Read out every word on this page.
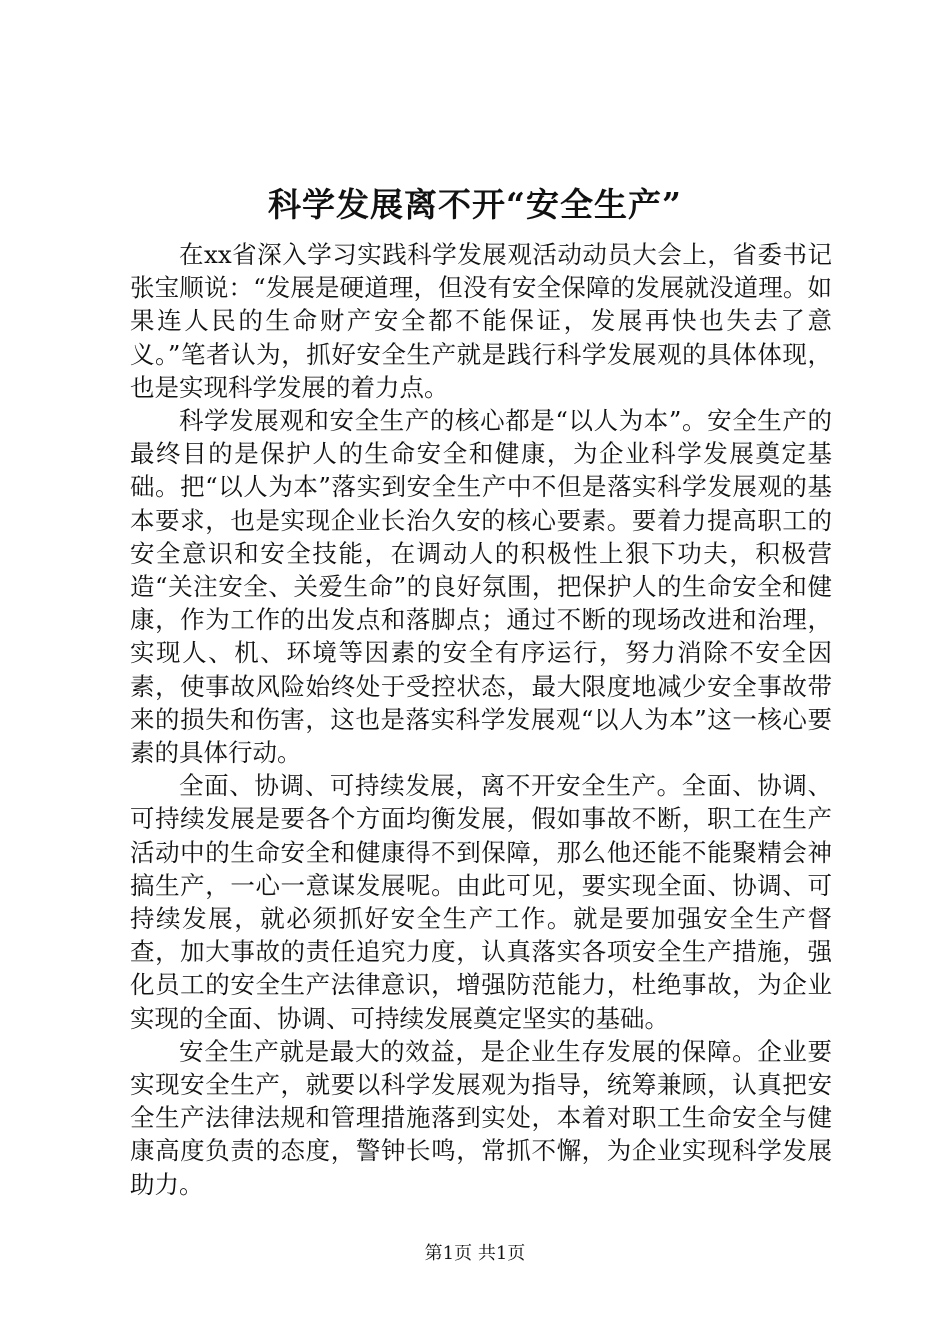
科学发展离不开“安全生产”

在xx省深入学习实践科学发展观活动动员大会上，省委书记张宝顺说：“发展是硬道理，但没有安全保障的发展就没道理。如果连人民的生命财产安全都不能保证，发展再快也失去了意义。”笔者认为，抓好安全生产就是践行科学发展观的具体体现，也是实现科学发展的着力点。

科学发展观和安全生产的核心都是“以人为本”。安全生产的最终目的是保护人的生命安全和健康，为企业科学发展奠定基础。把“以人为本”落实到安全生产中不但是落实科学发展观的基本要求，也是实现企业长治久安的核心要素。要着力提高职工的安全意识和安全技能，在调动人的积极性上狠下功夫，积极营造“关注安全、关爱生命”的良好氛围，把保护人的生命安全和健康，作为工作的出发点和落脚点；通过不断的现场改进和治理，实现人、机、环境等因素的安全有序运行，努力消除不安全因素，使事故风险始终处于受控状态，最大限度地减少安全事故带来的损失和伤害，这也是落实科学发展观“以人为本”这一核心要素的具体行动。

全面、协调、可持续发展，离不开安全生产。全面、协调、可持续发展是要各个方面均衡发展，假如事故不断，职工在生产活动中的生命安全和健康得不到保障，那么他还能不能聚精会神搞生产，一心一意谋发展呢。由此可见，要实现全面、协调、可持续发展，就必须抓好安全生产工作。就是要加强安全生产督查，加大事故的责任追究力度，认真落实各项安全生产措施，强化员工的安全生产法律意识，增强防范能力，杜绝事故，为企业实现的全面、协调、可持续发展奠定坚实的基础。

安全生产就是最大的效益，是企业生存发展的保障。企业要实现安全生产，就要以科学发展观为指导，统筹兼顾，认真把安全生产法律法规和管理措施落到实处，本着对职工生命安全与健康高度负责的态度，警钟长鸣，常抓不懈，为企业实现科学发展助力。

第1页 共1页
